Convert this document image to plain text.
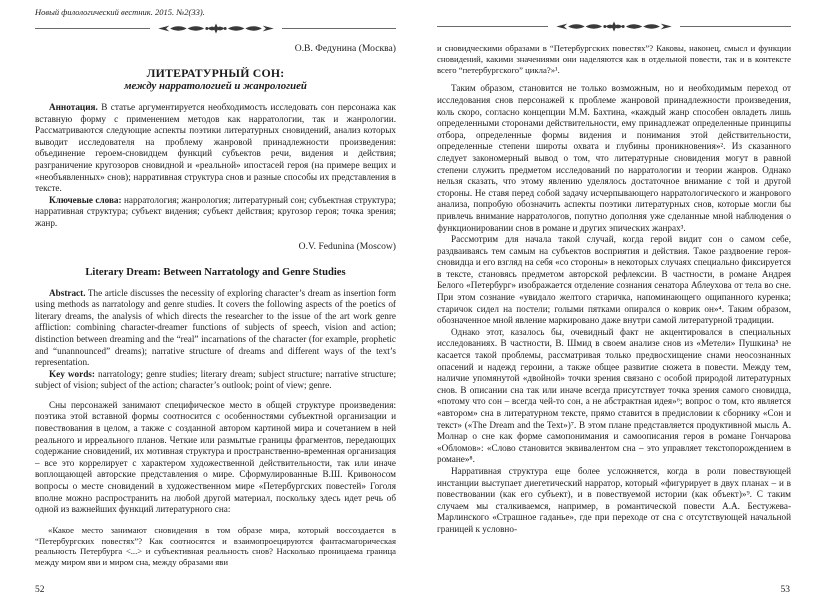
Новый филологический вестник. 2015. №2(33).

О.В. Федунина (Москва)

ЛИТЕРАТУРНЫЙ СОН:
между нарратологией и жанрологией

Аннотация. В статье аргументируется необходимость исследовать сон персонажа как вставную форму с применением методов как нарратологии, так и жанрологии. Рассматриваются следующие аспекты поэтики литературных сновидений, анализ которых выводит исследователя на проблему жанровой принадлежности произведения: объединение героем-сновидцем функций субъектов речи, видения и действия; разграничение кругозоров сновидной и «реальной» ипостасей героя (на примере вещих и «необъявленных» снов); нарративная структура снов и разные способы их представления в тексте.

Ключевые слова: нарратология; жанрология; литературный сон; субъектная структура; нарративная структура; субъект видения; субъект действия; кругозор героя; точка зрения; жанр.

O.V. Fedunina (Moscow)

Literary Dream: Between Narratology and Genre Studies

Abstract. The article discusses the necessity of exploring character’s dream as insertion form using methods as narratology and genre studies. It covers the following aspects of the poetics of literary dreams, the analysis of which directs the researcher to the issue of the art work genre affliction: combining character-dreamer functions of subjects of speech, vision and action; distinction between dreaming and the “real” incarnations of the character (for example, prophetic and “unannounced” dreams); narrative structure of dreams and different ways of the text’s representation.

Key words: narratology; genre studies; literary dream; subject structure; narrative structure; subject of vision; subject of the action; character’s outlook; point of view; genre.

Сны персонажей занимают специфическое место в общей структуре произведения: поэтика этой вставной формы соотносится с особенностями субъектной организации и повествования в целом, а также с созданной автором картиной мира и сочетанием в ней реального и ирреального планов. Четкие или размытые границы фрагментов, передающих содержание сновидений, их мотивная структура и пространственно-временная организация – все это коррелирует с характером художественной действительности, так или иначе воплощающей авторские представления о мире. Сформулированные В.Ш. Кривоносом вопросы о месте сновидений в художественном мире «Петербургских повестей» Гоголя вполне можно распространить на любой другой материал, поскольку здесь идет речь об одной из важнейших функций литературного сна:

«Какое место занимают сновидения в том образе мира, который воссоздается в “Петербургских повестях”? Как соотносятся и взаимопроецируются фантасмагорическая реальность Петербурга <...> и субъективная реальность снов? Насколько проницаема граница между миром яви и миром сна, между образами яви

52

и сновидческими образами в “Петербургских повестях”? Каковы, наконец, смысл и функции сновидений, какими значениями они наделяются как в отдельной повести, так и в контексте всего “петербургского” цикла?»¹.

Таким образом, становится не только возможным, но и необходимым переход от исследования снов персонажей к проблеме жанровой принадлежности произведения, коль скоро, согласно концепции М.М. Бахтина, «каждый жанр способен овладеть лишь определенными сторонами действительности, ему принадлежат определенные принципы отбора, определенные формы видения и понимания этой действительности, определенные степени широты охвата и глубины проникновения»². Из сказанного следует закономерный вывод о том, что литературные сновидения могут в равной степени служить предметом исследований по нарратологии и теории жанров. Однако нельзя сказать, что этому явлению уделялось достаточное внимание с той и другой стороны. Не ставя перед собой задачу исчерпывающего нарратологического и жанрового анализа, попробую обозначить аспекты поэтики литературных снов, которые могли бы привлечь внимание нарратологов, попутно дополняя уже сделанные мной наблюдения о функционировании снов в романе и других эпических жанрах³.

Рассмотрим для начала такой случай, когда герой видит сон о самом себе, раздваиваясь тем самым на субъектов восприятия и действия. Такое раздвоение героя-сновидца и его взгляд на себя «со стороны» в некоторых случаях специально фиксируется в тексте, становясь предметом авторской рефлексии. В частности, в романе Андрея Белого «Петербург» изображается отделение сознания сенатора Аблеухова от тела во сне. При этом сознание «увидало желтого старичка, напоминающего ощипанного куренка; старичок сидел на постели; голыми пятками опирался о коврик он»⁴. Таким образом, обозначенное мной явление маркировано даже внутри самой литературной традиции.

Однако этот, казалось бы, очевидный факт не акцентировался в специальных исследованиях. В частности, В. Шмид в своем анализе снов из «Метели» Пушкина⁵ не касается такой проблемы, рассматривая только предвосхищение снами неосознанных опасений и надежд героини, а также общее развитие сюжета в повести. Между тем, наличие упомянутой «двойной» точки зрения связано с особой природой литературных снов. В описании сна так или иначе всегда присутствует точка зрения самого сновидца, «потому что сон – всегда чей-то сон, а не абстрактная идея»⁶; вопрос о том, кто является «автором» сна в литературном тексте, прямо ставится в предисловии к сборнику «Сон и текст» («The Dream and the Text»)⁷. В этом плане представляется продуктивной мысль А. Молнар о сне как форме самопонимания и самоописания героя в романе Гончарова «Обломов»: «Слово становится эквивалентом сна – это управляет текстопорождением в романе»⁸.

Нарративная структура еще более усложняется, когда в роли повествующей инстанции выступает диегетический нарратор, который «фигурирует в двух планах – и в повествовании (как его субъект), и в повествуемой истории (как объект)»⁹. С таким случаем мы сталкиваемся, например, в романтической повести А.А. Бестужева-Марлинского «Страшное гаданье», где при переходе от сна с отсутствующей начальной границей к условно-

53
